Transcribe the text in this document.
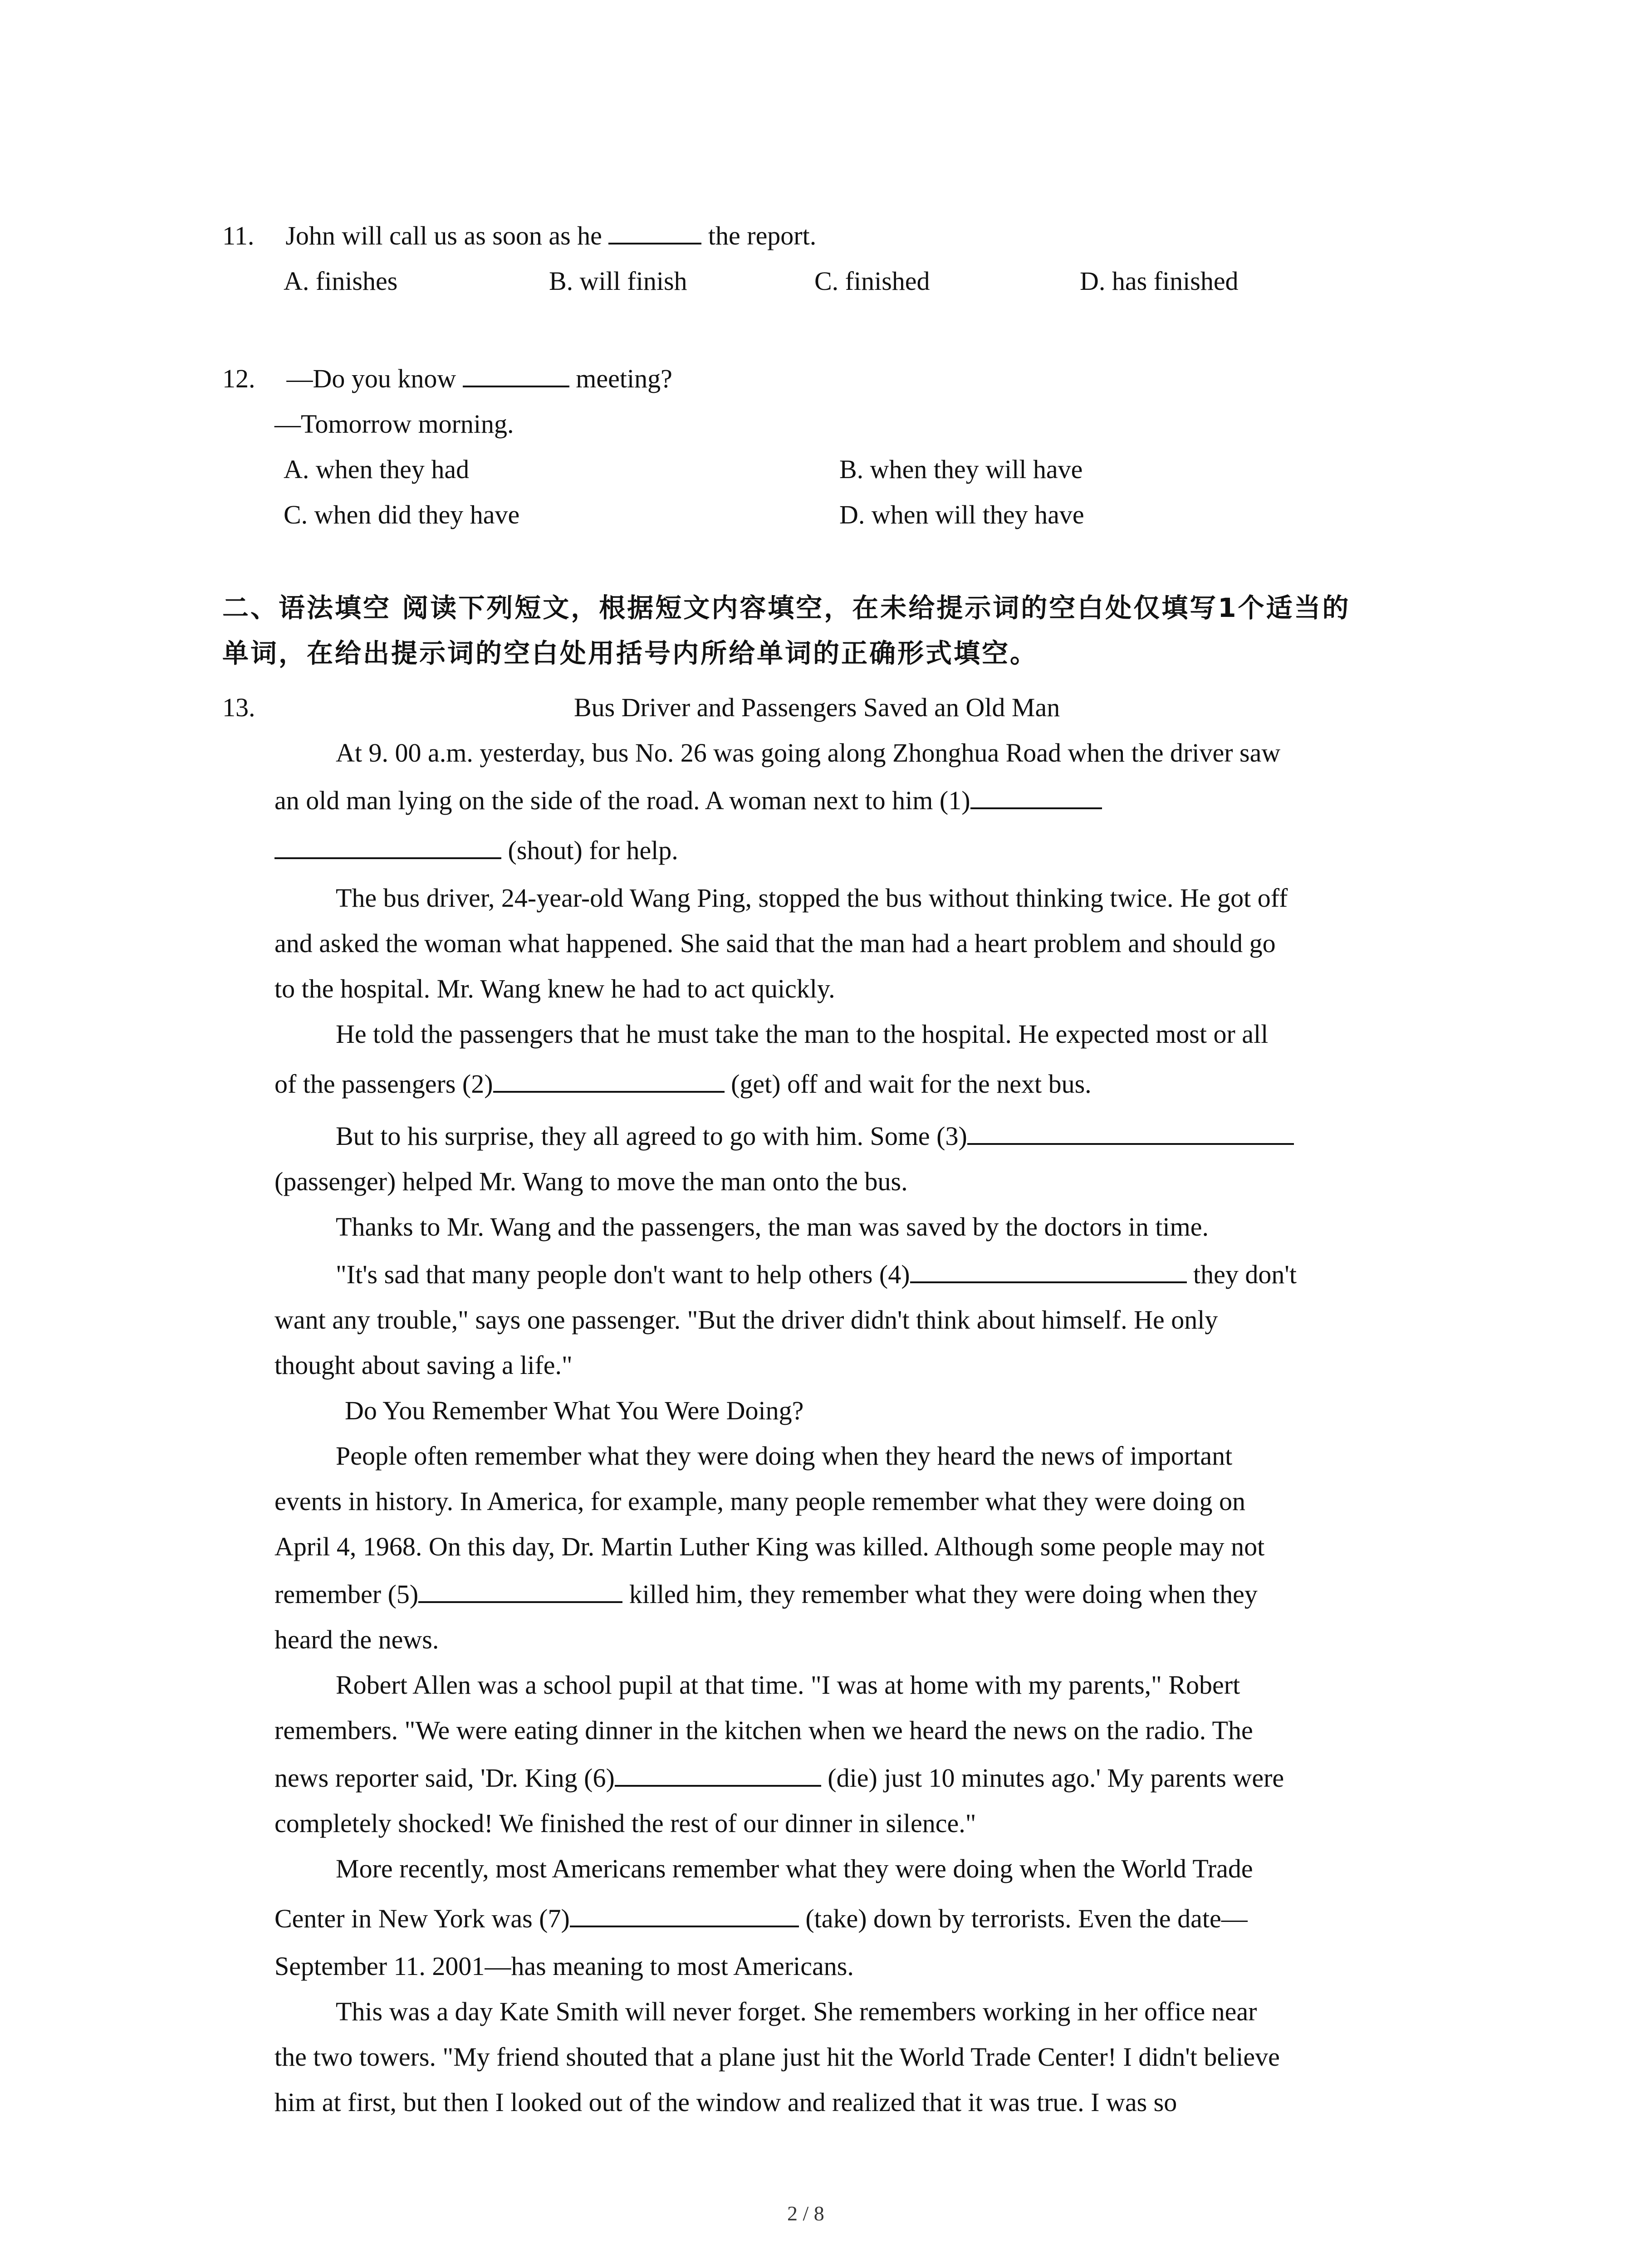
11. John will call us as soon as he	the report.
A. finishes	B. will finish	C. finished	D. has finished
12. —Do you know	meeting?
—Tomorrow morning.
A. when they had	B. when they will have
C. when did they have	D. when will they have
二、语法填空 阅读下列短文，根据短文内容填空，在未给提示词的空白处仅填写1个适当的
单词，在给出提示词的空白处用括号内所给单词的正确形式填空。
13.	Bus Driver and Passengers Saved an Old Man
At 9. 00 a.m. yesterday, bus No. 26 was going along Zhonghua Road when the driver saw
an old man lying on the side of the road. A woman next to him (1)
(shout) for help.
The bus driver, 24-year-old Wang Ping, stopped the bus without thinking twice. He got off
and asked the woman what happened. She said that the man had a heart problem and should go
to the hospital. Mr. Wang knew he had to act quickly.
He told the passengers that he must take the man to the hospital. He expected most or all
of the passengers (2)	(get) off and wait for the next bus.
But to his surprise, they all agreed to go with him. Some (3)
(passenger) helped Mr. Wang to move the man onto the bus.
Thanks to Mr. Wang and the passengers, the man was saved by the doctors in time.
"It's sad that many people don't want to help others (4)	they don't
want any trouble," says one passenger. "But the driver didn't think about himself. He only
thought about saving a life."
Do You Remember What You Were Doing?
People often remember what they were doing when they heard the news of important
events in history. In America, for example, many people remember what they were doing on
April 4, 1968. On this day, Dr. Martin Luther King was killed. Although some people may not
remember (5)	killed him, they remember what they were doing when they
heard the news.
Robert Allen was a school pupil at that time. "I was at home with my parents," Robert
remembers. "We were eating dinner in the kitchen when we heard the news on the radio. The
news reporter said, 'Dr. King (6)	(die) just 10 minutes ago.' My parents were
completely shocked! We finished the rest of our dinner in silence."
More recently, most Americans remember what they were doing when the World Trade
Center in New York was (7)	(take) down by terrorists. Even the date—
September 11. 2001—has meaning to most Americans.
This was a day Kate Smith will never forget. She remembers working in her office near
the two towers. "My friend shouted that a plane just hit the World Trade Center! I didn't believe
him at first, but then I looked out of the window and realized that it was true. I was so
2 / 8
